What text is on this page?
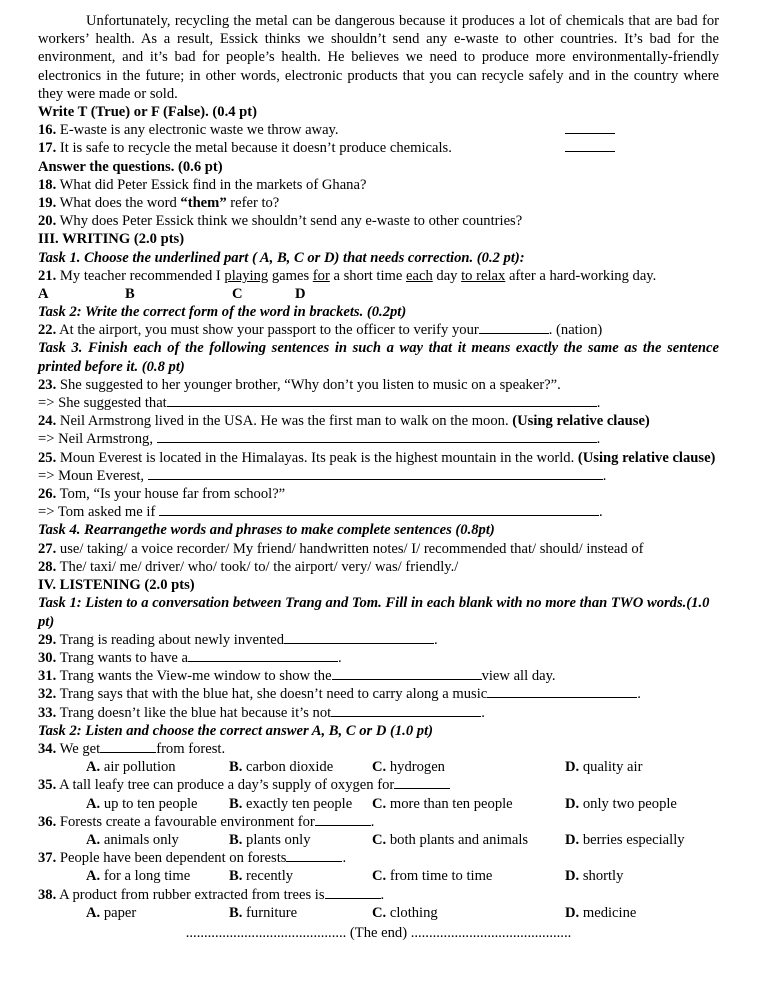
Unfortunately, recycling the metal can be dangerous because it produces a lot of chemicals that are bad for workers’ health. As a result, Essick thinks we shouldn’t send any e-waste to other countries. It’s bad for the environment, and it’s bad for people’s health. He believes we need to produce more environmentally-friendly electronics in the future; in other words, electronic products that you can recycle safely and in the country where they were made or sold.

Write T (True) or F (False). (0.4 pt)

16. E-waste is any electronic waste we throw away.
17. It is safe to recycle the metal because it doesn’t produce chemicals.

Answer the questions. (0.6 pt)

18. What did Peter Essick find in the markets of Ghana?

19. What does the word “them” refer to?

20. Why does Peter Essick think we shouldn’t send any e-waste to other countries?

III. WRITING (2.0 pts)

Task 1. Choose the underlined part ( A, B, C or D) that needs correction. (0.2 pt):

21. My teacher recommended I playing games for a short time each day to relax after a hard-working day.

A	B	C	D

Task 2: Write the correct form of the word in brackets. (0.2pt)

22. At the airport, you must show your passport to the officer to verify your	. (nation)

Task 3. Finish each of the following sentences in such a way that it means exactly the same as the sentence printed before it. (0.8 pt)

23. She suggested to her younger brother, “Why don’t you listen to music on a speaker?”.

=> She suggested that	.

24. Neil Armstrong lived in the USA. He was the first man to walk on the moon. (Using relative clause)

=> Neil Armstrong,	.

25. Moun Everest is located in the Himalayas. Its peak is the highest mountain in the world. (Using relative clause)

=> Moun Everest,	.

26. Tom, “Is your house far from school?”

=> Tom asked me if	.

Task 4. Rearrangethe words and phrases to make complete sentences (0.8pt)

27. use/ taking/ a voice recorder/ My friend/ handwritten notes/ I/ recommended that/ should/ instead of

28. The/ taxi/ me/ driver/ who/ took/ to/ the airport/ very/ was/ friendly./

IV. LISTENING (2.0 pts)

Task 1: Listen to a conversation between Trang and Tom. Fill in each blank with no more than TWO words.(1.0 pt)

29. Trang is reading about newly invented	.

30. Trang wants to have a	.

31. Trang wants the View-me window to show the	view all day.

32. Trang says that with the blue hat, she doesn’t need to carry along a music	.

33. Trang doesn’t like the blue hat because it’s not	.

Task 2: Listen and choose the correct answer A, B, C or D (1.0 pt)

34. We get	from forest.

A. air pollution	B. carbon dioxide	C. hydrogen	D. quality air

35. A tall leafy tree can produce a day’s supply of oxygen for

A. up to ten people	B. exactly ten people	C. more than ten people	D. only two people

36. Forests create a favourable environment for	.

A. animals only	B. plants only	C. both plants and animals	D. berries especially

37. People have been dependent on forests	.

A. for a long time	B. recently	C. from time to time	D. shortly

38. A product from rubber extracted from trees is	.

A. paper	B. furniture	C. clothing	D. medicine

............................................ (The end) ............................................
